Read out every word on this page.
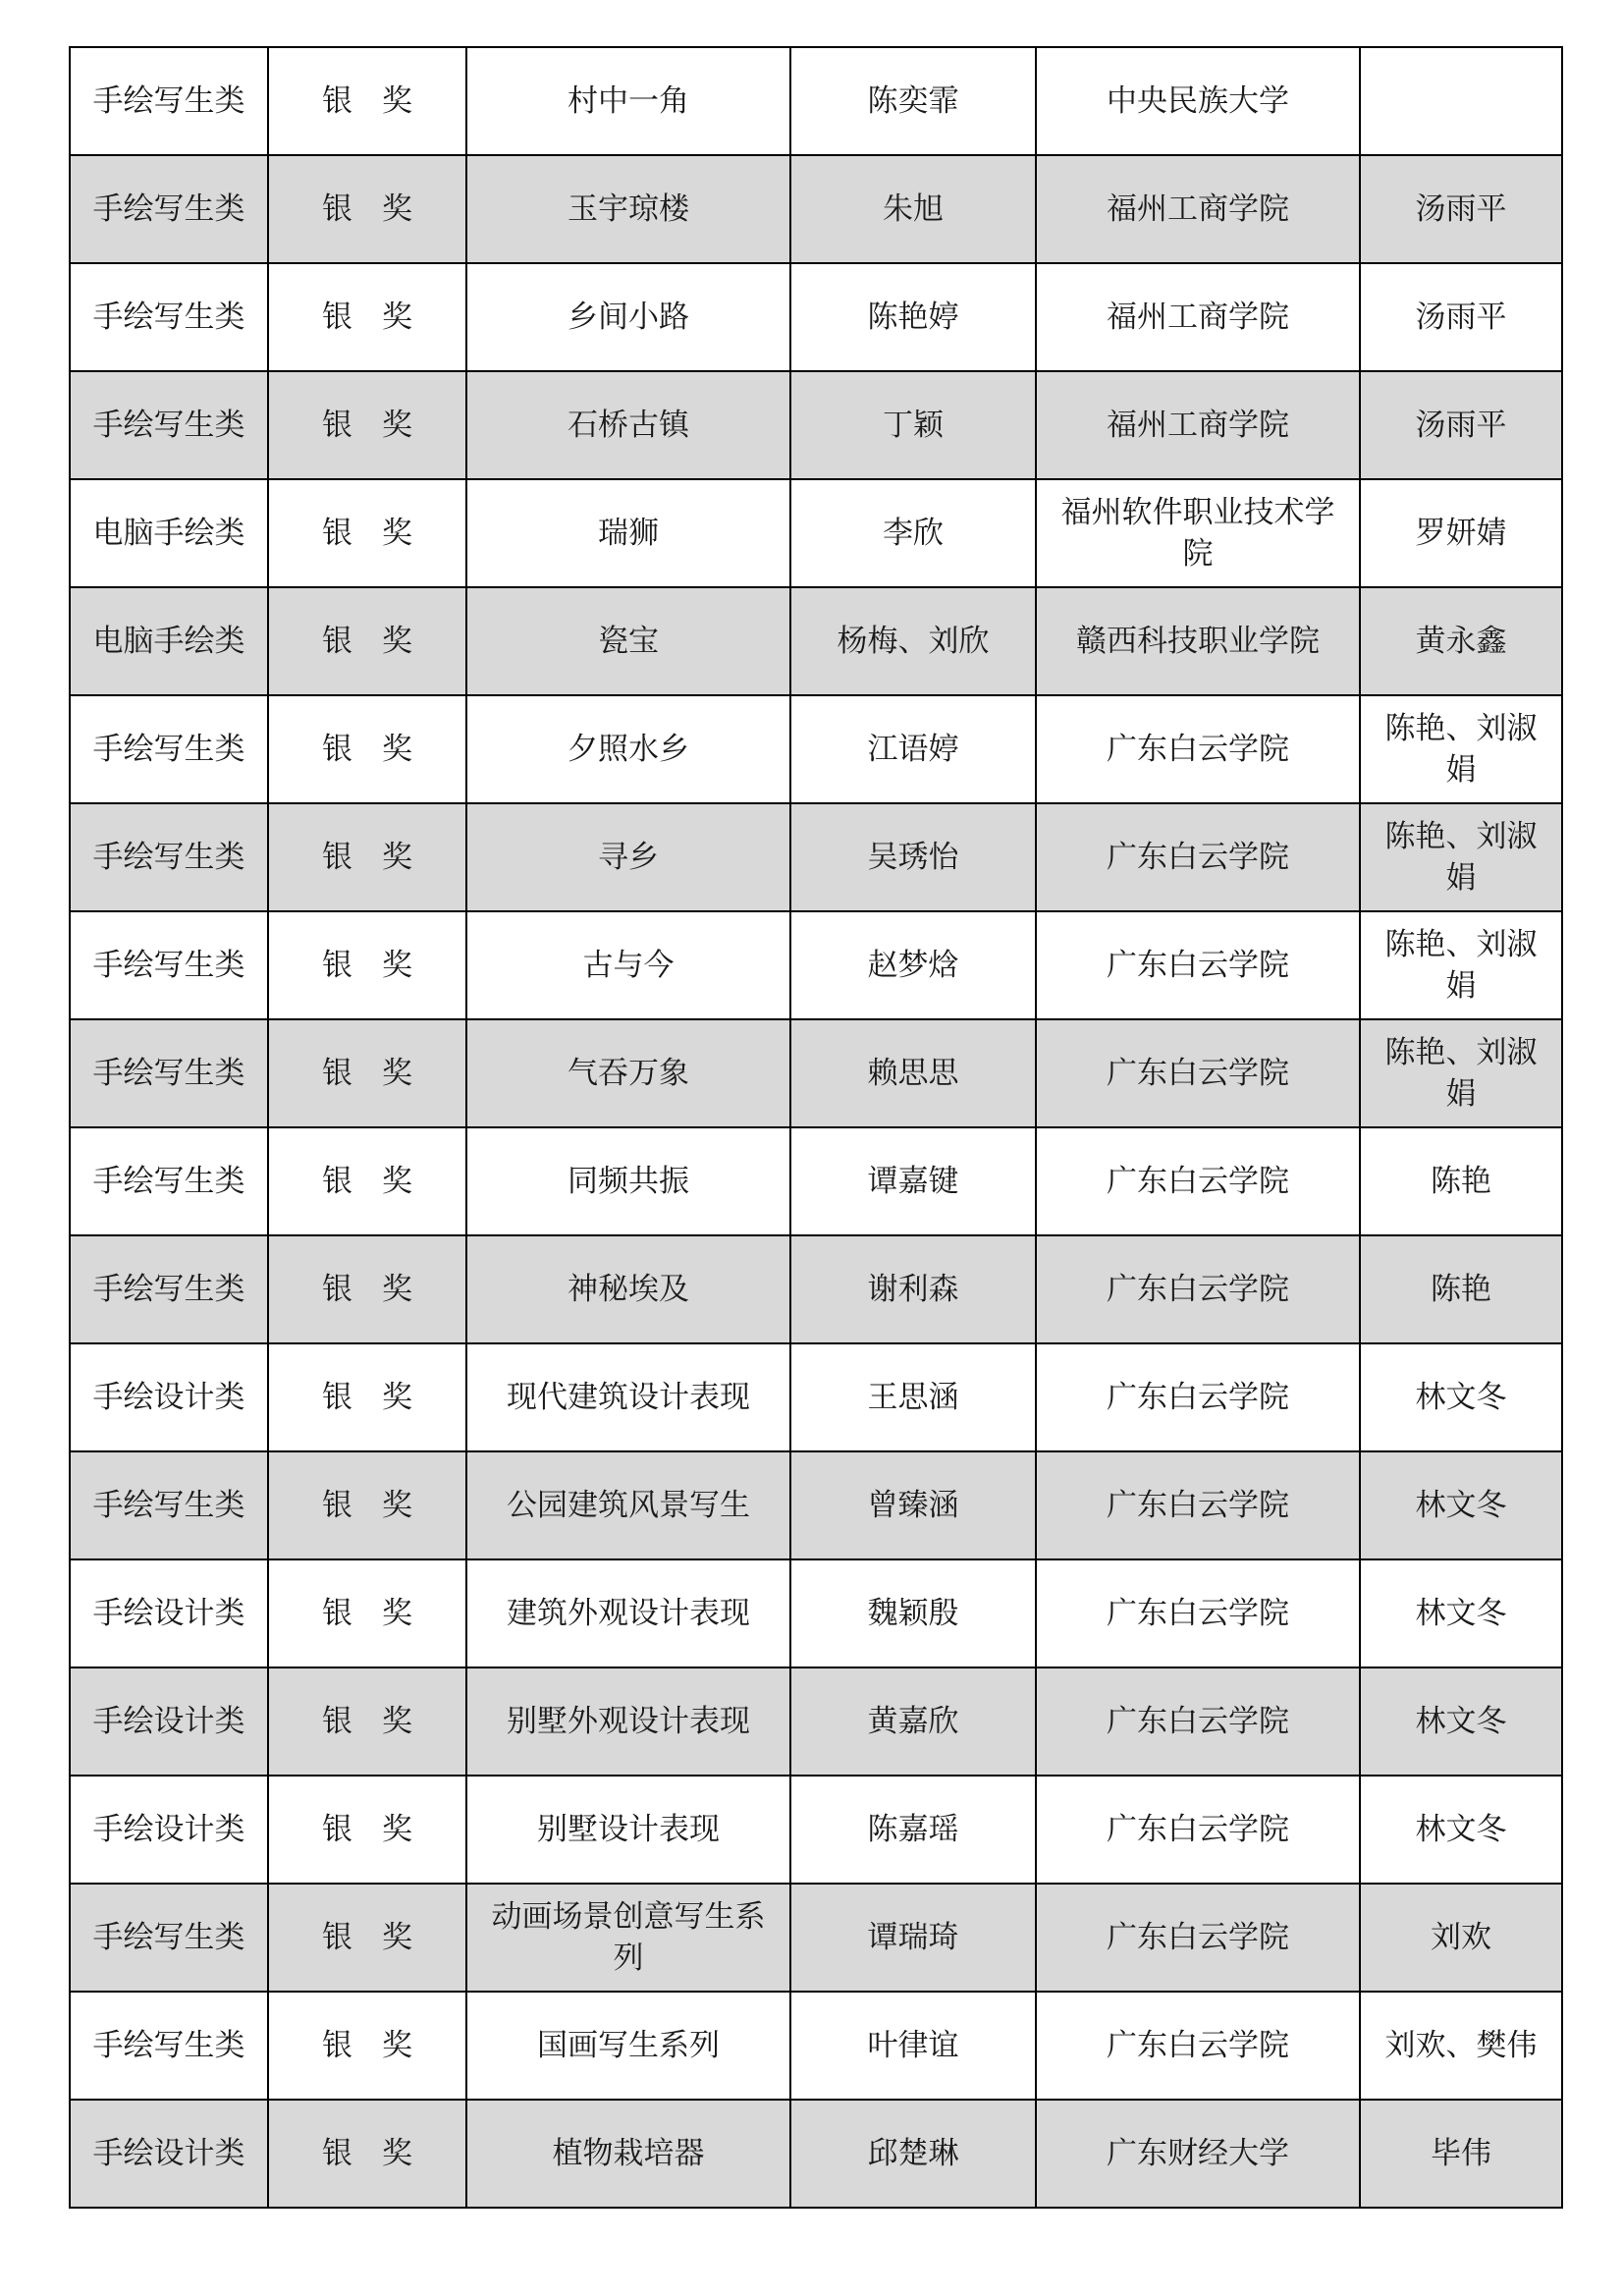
手绘写生类	银奖	村中一角	陈奕霏	中央民族大学	
手绘写生类	银奖	玉宇琼楼	朱旭	福州工商学院	汤雨平
手绘写生类	银奖	乡间小路	陈艳婷	福州工商学院	汤雨平
手绘写生类	银奖	石桥古镇	丁颖	福州工商学院	汤雨平
电脑手绘类	银奖	瑞狮	李欣	福州软件职业技术学院	罗妍婧
电脑手绘类	银奖	瓷宝	杨梅、刘欣	赣西科技职业学院	黄永鑫
手绘写生类	银奖	夕照水乡	江语婷	广东白云学院	陈艳、刘淑娟
手绘写生类	银奖	寻乡	吴琇怡	广东白云学院	陈艳、刘淑娟
手绘写生类	银奖	古与今	赵梦焓	广东白云学院	陈艳、刘淑娟
手绘写生类	银奖	气吞万象	赖思思	广东白云学院	陈艳、刘淑娟
手绘写生类	银奖	同频共振	谭嘉键	广东白云学院	陈艳
手绘写生类	银奖	神秘埃及	谢利森	广东白云学院	陈艳
手绘设计类	银奖	现代建筑设计表现	王思涵	广东白云学院	林文冬
手绘写生类	银奖	公园建筑风景写生	曾臻涵	广东白云学院	林文冬
手绘设计类	银奖	建筑外观设计表现	魏颖殷	广东白云学院	林文冬
手绘设计类	银奖	别墅外观设计表现	黄嘉欣	广东白云学院	林文冬
手绘设计类	银奖	别墅设计表现	陈嘉瑶	广东白云学院	林文冬
手绘写生类	银奖	动画场景创意写生系列	谭瑞琦	广东白云学院	刘欢
手绘写生类	银奖	国画写生系列	叶律谊	广东白云学院	刘欢、樊伟
手绘设计类	银奖	植物栽培器	邱楚琳	广东财经大学	毕伟
